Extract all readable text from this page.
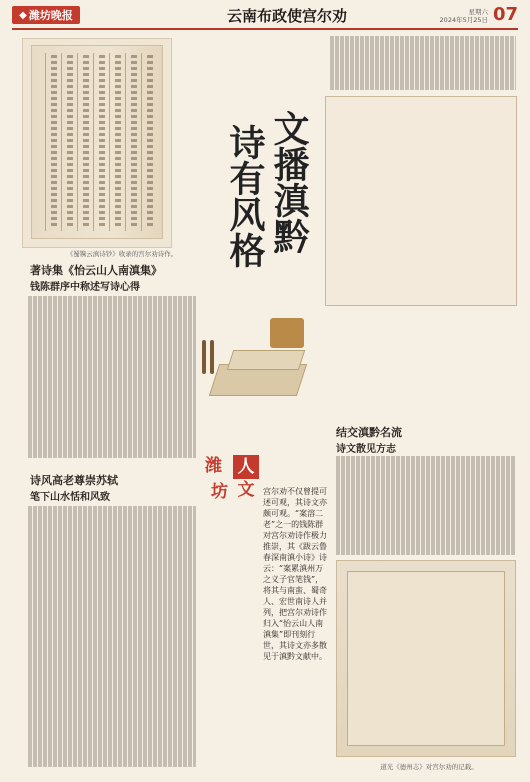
◆ 潍坊晚报	云南布政使宫尔劝	星期六
2024年5月25日 07
《蜀镌云滇诗钞》收录的宫尔劝诗作。
著诗集《怡云山人南滇集》
钱陈群序中称述写诗心得
诗风高老尊崇苏轼
笔下山水恬和风致
文播滇黔
诗有风格
结交滇黔名流
诗文散见方志
人
文
潍
坊	宫尔劝不仅曾提可述可观，其诗文亦颇可观。“案溶二老”之一的钱陈群对宫尔劝诗作极力推崇，其《跋云鲁春深南滇小诗》诗云：“案累滇州万之义子官笔钱”，将其与南蛮、蜀奇人、宏世南诗人并列，把宫尔劝诗作归入“怡云山人南滇集”即刊刻行世，其诗文亦多散见于滇黔文献中。
道光《德州志》对宫尔劝的记载。
